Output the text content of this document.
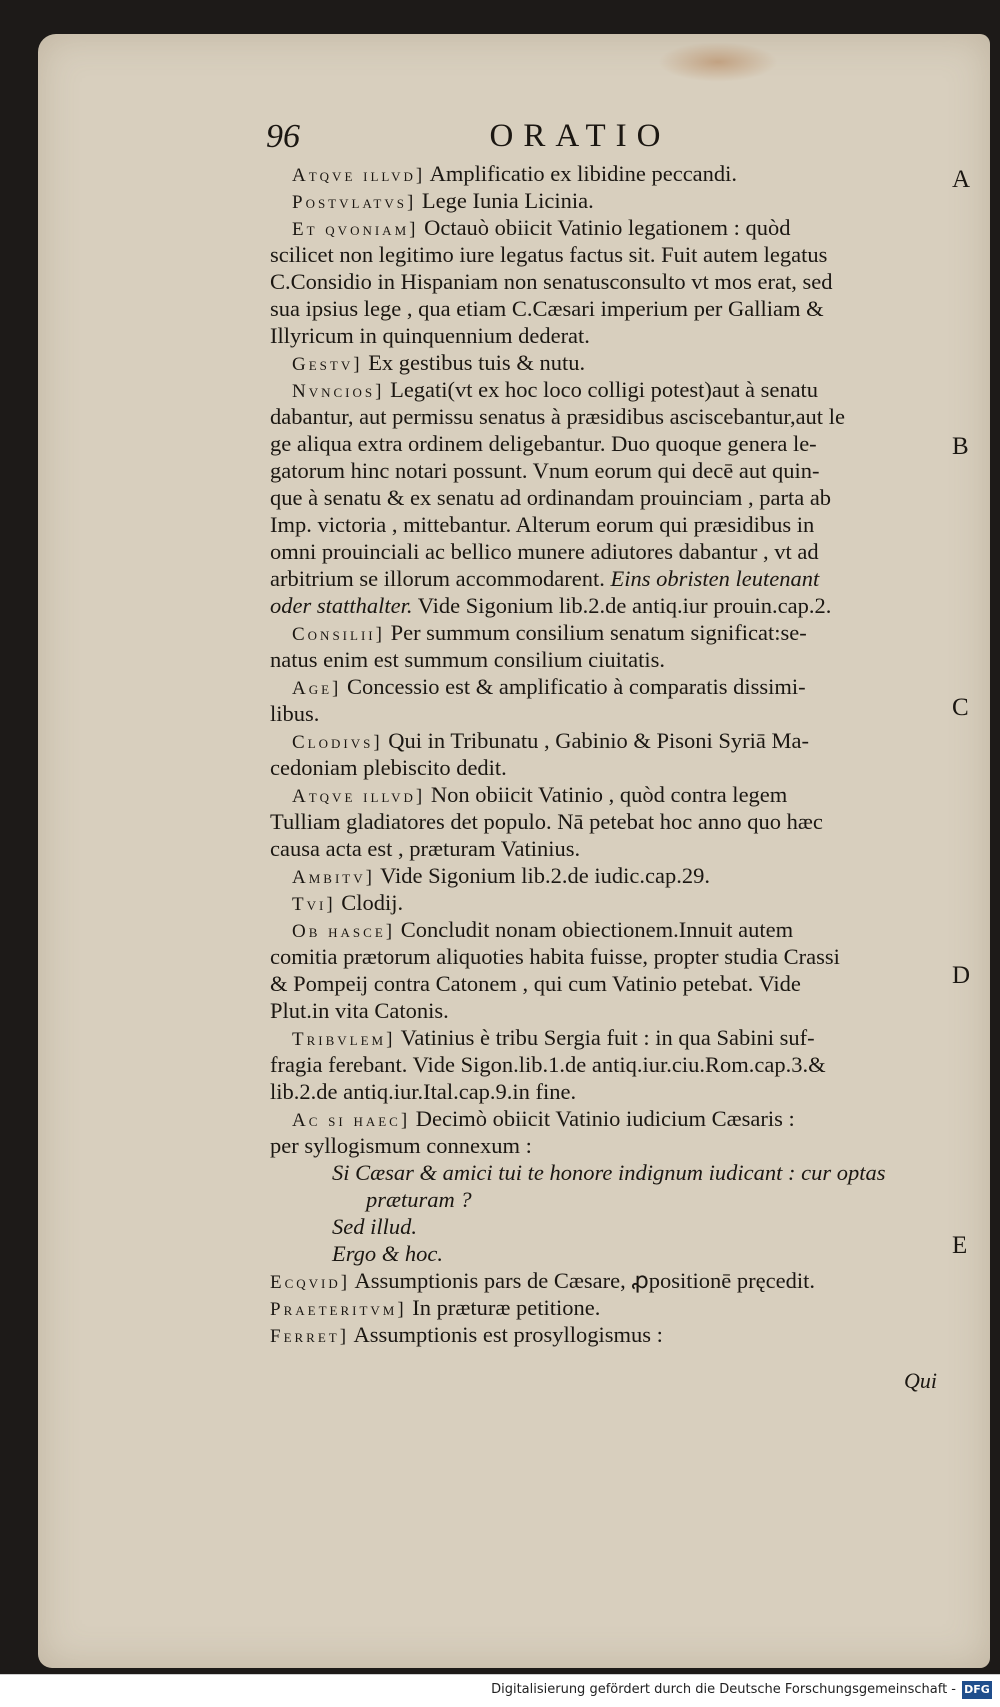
96	ORATIO
Atqve illvd] Amplificatio ex libidine peccandi.
Postvlatvs] Lege Iunia Licinia.
Et qvoniam] Octauò obiicit Vatinio legationem : quòd
scilicet non legitimo iure legatus factus sit. Fuit autem legatus
C.Considio in Hispaniam non senatusconsulto vt mos erat, sed
sua ipsius lege , qua etiam C.Cæsari imperium per Galliam &
Illyricum in quinquennium dederat.
Gestv] Ex gestibus tuis & nutu.
Nvncios] Legati(vt ex hoc loco colligi potest)aut à senatu
dabantur, aut permissu senatus à præsidibus asciscebantur,aut le
ge aliqua extra ordinem deligebantur. Duo quoque genera le-
gatorum hinc notari possunt. Vnum eorum qui decē aut quin-
que à senatu & ex senatu ad ordinandam prouinciam , parta ab
Imp. victoria , mittebantur. Alterum eorum qui præsidibus in
omni prouinciali ac bellico munere adiutores dabantur , vt ad
arbitrium se illorum accommodarent. Eins obristen leutenant
oder statthalter. Vide Sigonium lib.2.de antiq.iur prouin.cap.2.
Consilii] Per summum consilium senatum significat:se-
natus enim est summum consilium ciuitatis.
Age] Concessio est & amplificatio à comparatis dissimi-
libus.
Clodivs] Qui in Tribunatu , Gabinio & Pisoni Syriā Ma-
cedoniam plebiscito dedit.
Atqve illvd] Non obiicit Vatinio , quòd contra legem
Tulliam gladiatores det populo. Nā petebat hoc anno quo hæc
causa acta est , præturam Vatinius.
Ambitv] Vide Sigonium lib.2.de iudic.cap.29.
Tvi] Clodij.
Ob hasce] Concludit nonam obiectionem.Innuit autem
comitia prætorum aliquoties habita fuisse, propter studia Crassi
& Pompeij contra Catonem , qui cum Vatinio petebat. Vide
Plut.in vita Catonis.
Tribvlem] Vatinius è tribu Sergia fuit : in qua Sabini suf-
fragia ferebant. Vide Sigon.lib.1.de antiq.iur.ciu.Rom.cap.3.&
lib.2.de antiq.iur.Ital.cap.9.in fine.
Ac si haec] Decimò obiicit Vatinio iudicium Cæsaris :
per syllogismum connexum :
Si Cæsar & amici tui te honore indignum iudicant : cur optas
præturam ?
Sed illud.
Ergo & hoc.
Ecqvid] Assumptionis pars de Cæsare, ꝓpositionē pręcedit.
Praeteritvm] In præturæ petitione.
Ferret] Assumptionis est prosyllogismus :
A
B
C
D
E
Qui
Digitalisierung gefördert durch die Deutsche Forschungsgemeinschaft - DFG
